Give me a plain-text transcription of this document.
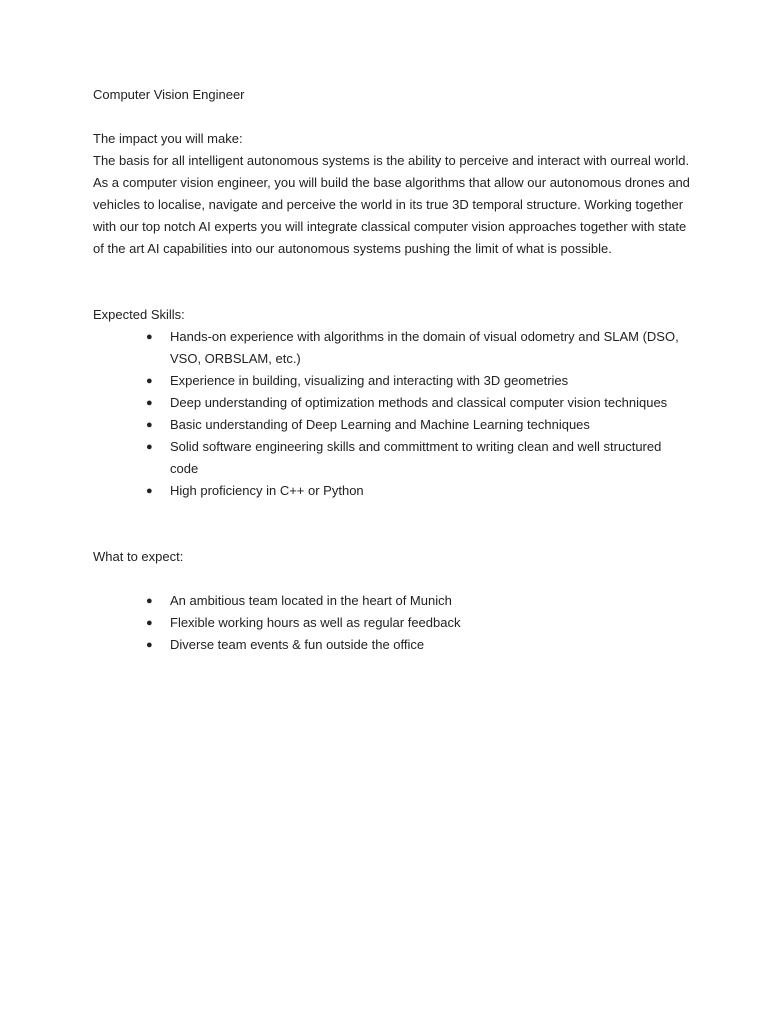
Computer Vision Engineer

The impact you will make:

The basis for all intelligent autonomous systems is the ability to perceive and interact with ourreal world. As a computer vision engineer, you will build the base algorithms that allow our autonomous drones and vehicles to localise, navigate and perceive the world in its true 3D temporal structure. Working together with our top notch AI experts you will integrate classical computer vision approaches together with state of the art AI capabilities into our autonomous systems pushing the limit of what is possible.

Expected Skills:

●	Hands-on experience with algorithms in the domain of visual odometry and SLAM (DSO, VSO, ORBSLAM, etc.)
●	Experience in building, visualizing and interacting with 3D geometries
●	Deep understanding of optimization methods and classical computer vision techniques
●	Basic understanding of Deep Learning and Machine Learning techniques
●	Solid software engineering skills and committment to writing clean and well structured code
●	High proficiency in C++ or Python

What to expect:

●	An ambitious team located in the heart of Munich
●	Flexible working hours as well as regular feedback
●	Diverse team events & fun outside the office
